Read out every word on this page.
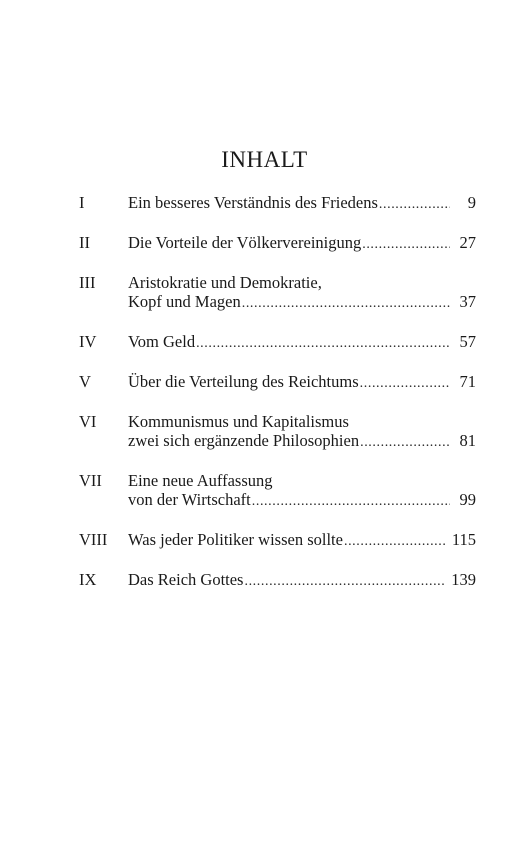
INHALT
I	Ein besseres Verständnis des Friedens .....	9
II Die Vorteile der Völkervereinigung .....	27
III Aristokratie und Demokratie,
Kopf und Magen .....	37
IV Vom Geld .....	57
V Über die Verteilung des Reichtums .....	71
VI Kommunismus und Kapitalismus
zwei sich ergänzende Philosophien .....	81
VII Eine neue Auffassung
von der Wirtschaft .....	99
VIII Was jeder Politiker wissen sollte .....	115
IX Das Reich Gottes .....	139
